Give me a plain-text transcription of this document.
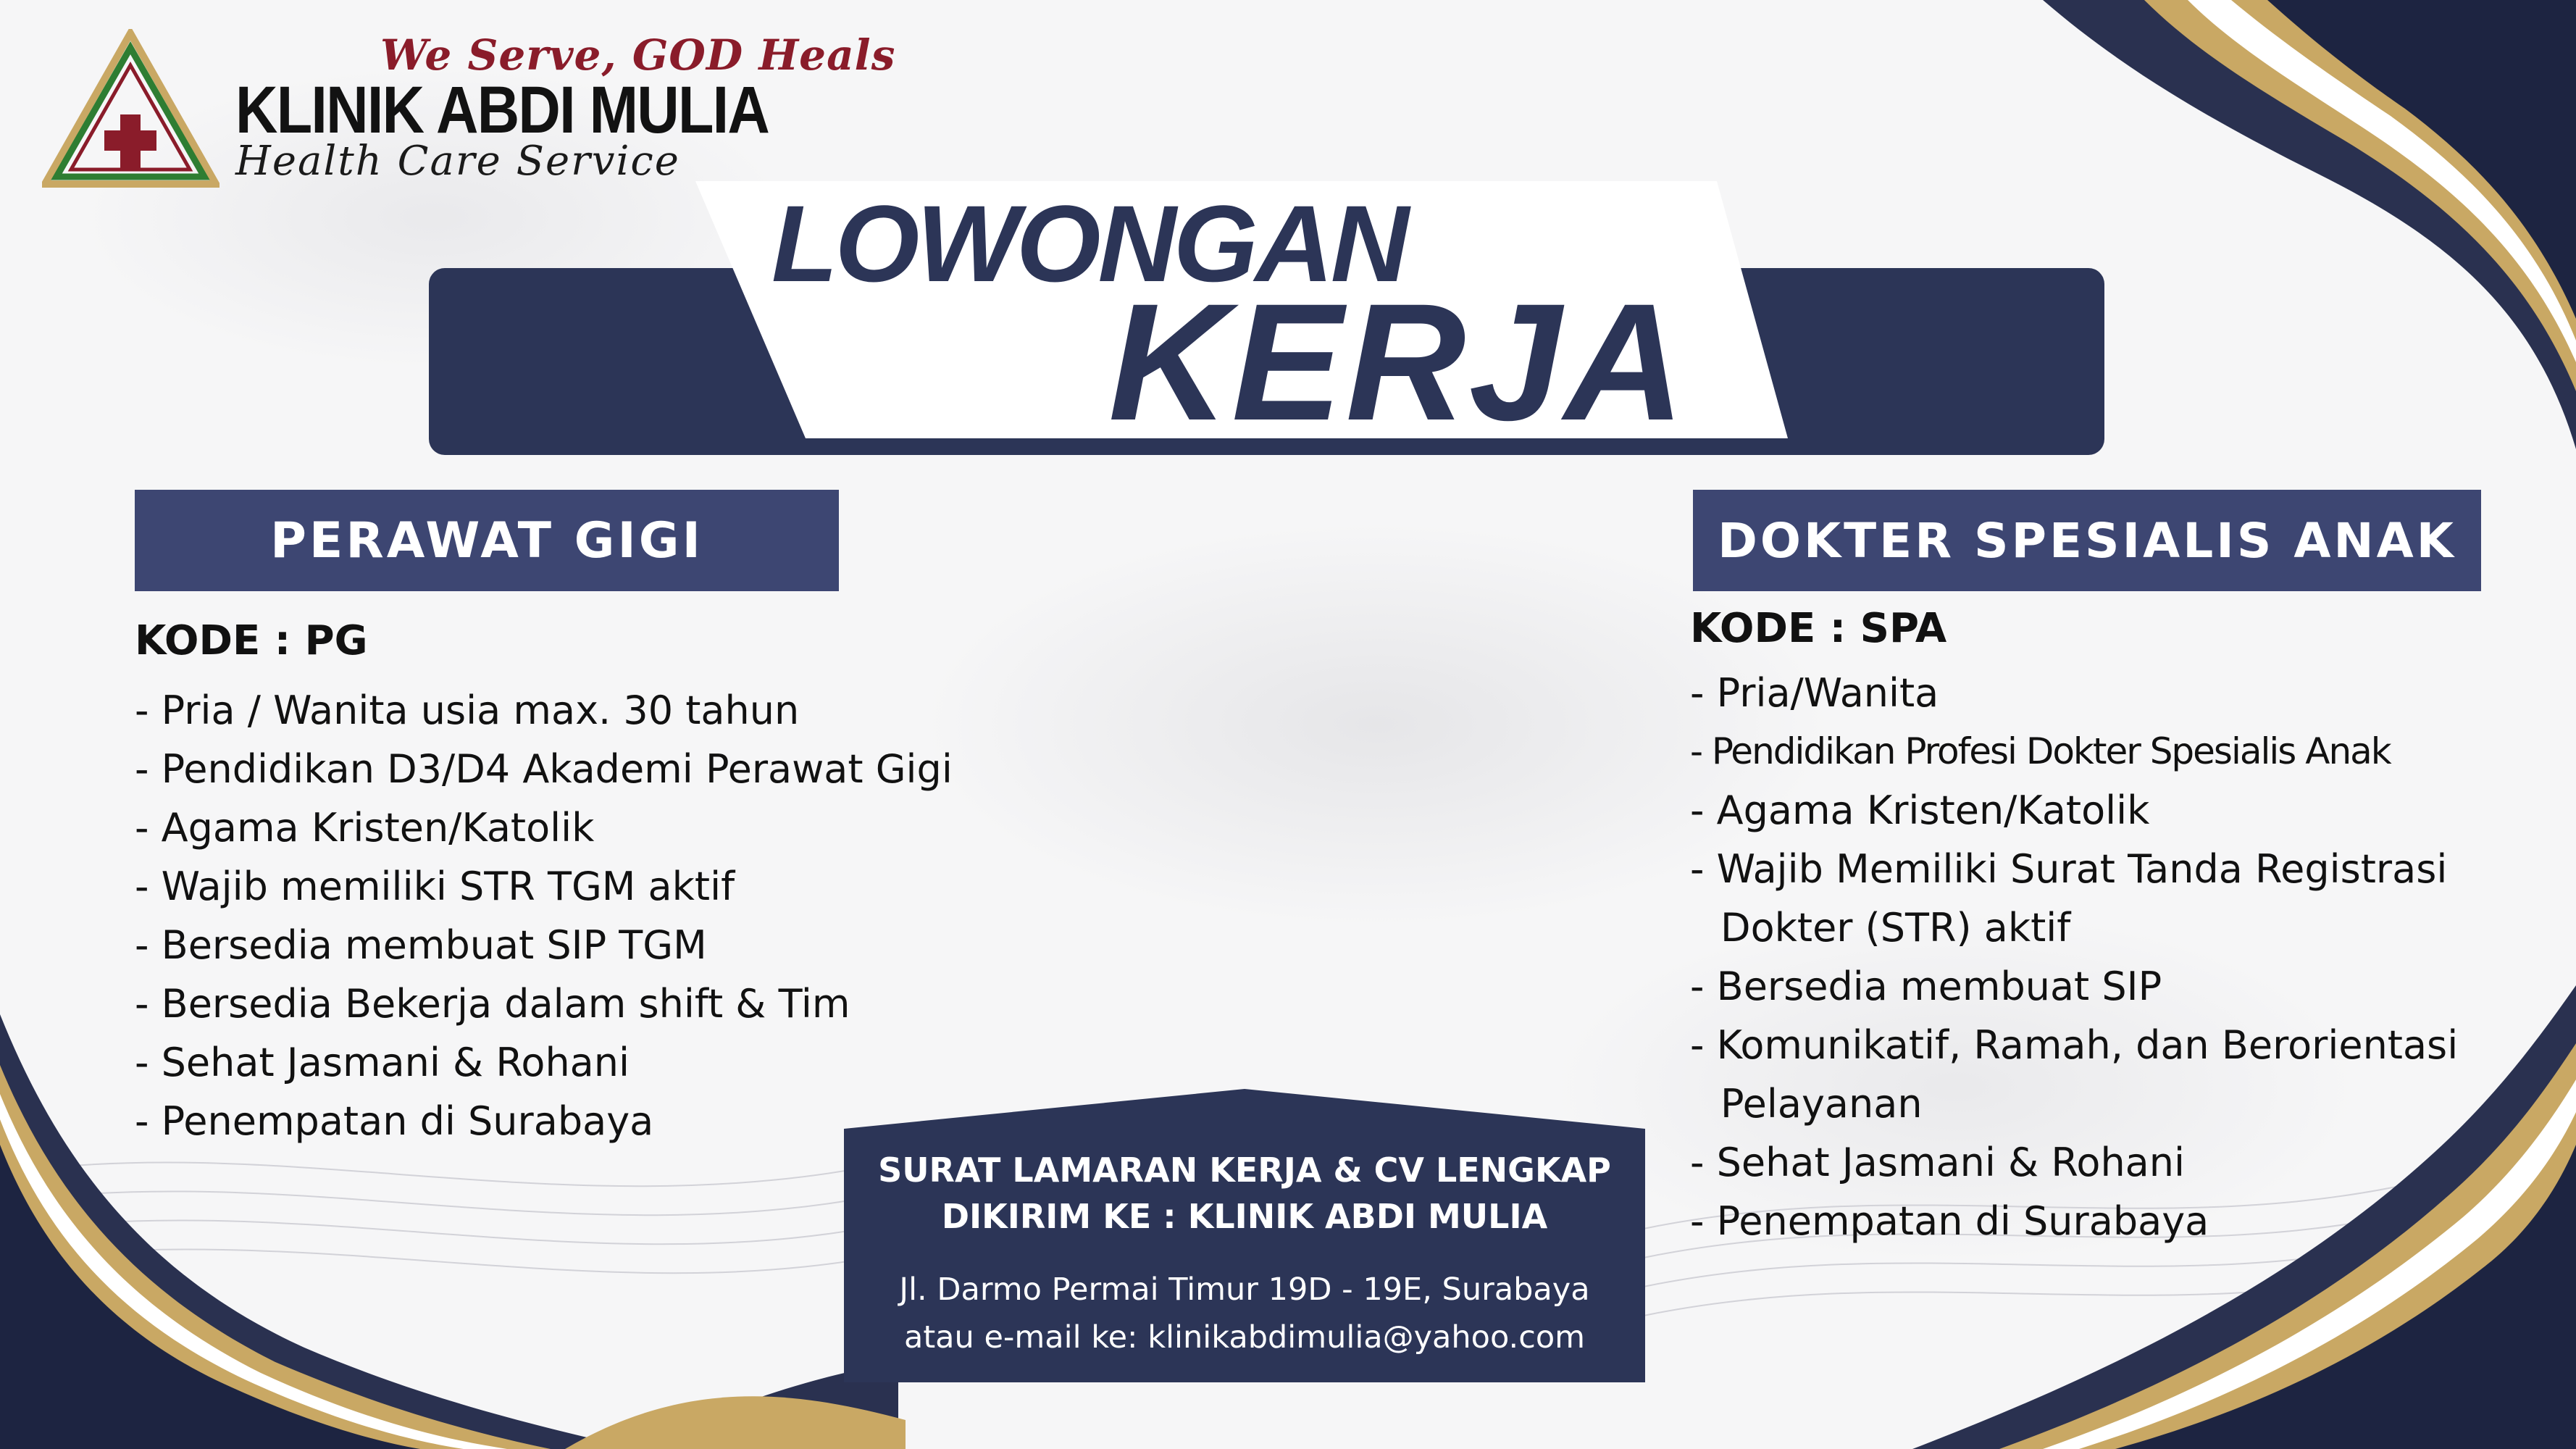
We Serve, GOD Heals
KLINIK ABDI MULIA
Health Care Service
LOWONGAN
KERJA
PERAWAT GIGI
KODE : PG
- Pria / Wanita usia max. 30 tahun
- Pendidikan D3/D4 Akademi Perawat Gigi
- Agama Kristen/Katolik
- Wajib memiliki STR TGM aktif
- Bersedia membuat SIP TGM
- Bersedia Bekerja dalam shift & Tim
- Sehat Jasmani & Rohani
- Penempatan di Surabaya
DOKTER SPESIALIS ANAK
KODE : SPA
- Pria/Wanita
- Pendidikan Profesi Dokter Spesialis Anak
- Agama Kristen/Katolik
- Wajib Memiliki Surat Tanda Registrasi
Dokter (STR) aktif
- Bersedia membuat SIP
- Komunikatif, Ramah, dan Berorientasi
Pelayanan
- Sehat Jasmani & Rohani
- Penempatan di Surabaya
SURAT LAMARAN KERJA & CV LENGKAP
DIKIRIM KE : KLINIK ABDI MULIA
Jl. Darmo Permai Timur 19D - 19E, Surabaya
atau e-mail ke: klinikabdimulia@yahoo.com
